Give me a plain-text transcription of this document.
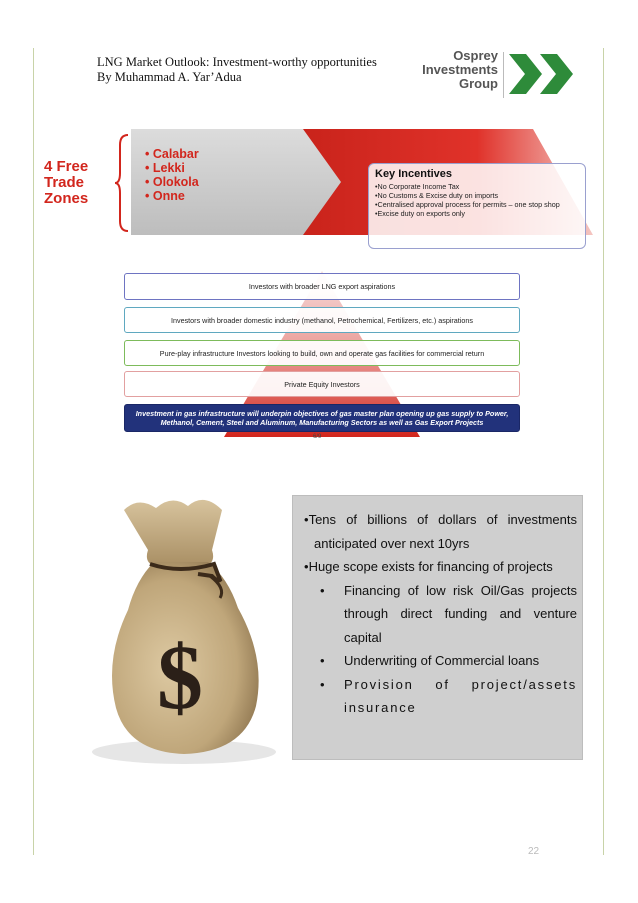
LNG Market Outlook: Investment-worthy opportunities
By Muhammad A. Yar’Adua
Osprey
Investments
Group
4 Free Trade Zones
• Calabar
• Lekki
• Olokola
• Onne
Key Incentives
•No Corporate Income Tax
•No Customs & Excise duty on imports
•Centralised approval process for permits – one stop shop
•Excise duty on exports only
Investors with broader LNG export aspirations
Investors with broader domestic industry (methanol, Petrochemical, Fertilizers, etc.) aspirations
Pure-play infrastructure Investors looking to build, own and operate gas facilities for commercial return
Private Equity Investors
Investment in gas infrastructure will underpin objectives of gas master plan opening up gas supply to Power, Methanol, Cement, Steel and Aluminum, Manufacturing Sectors as well as Gas Export Projects
6/9
$
• Tens of billions of dollars of investments anticipated over next 10yrs
• Huge scope exists for financing of projects
• Financing of low risk Oil/Gas projects through direct funding and venture capital
• Underwriting of Commercial loans
• Provision of project/assets insurance
22
